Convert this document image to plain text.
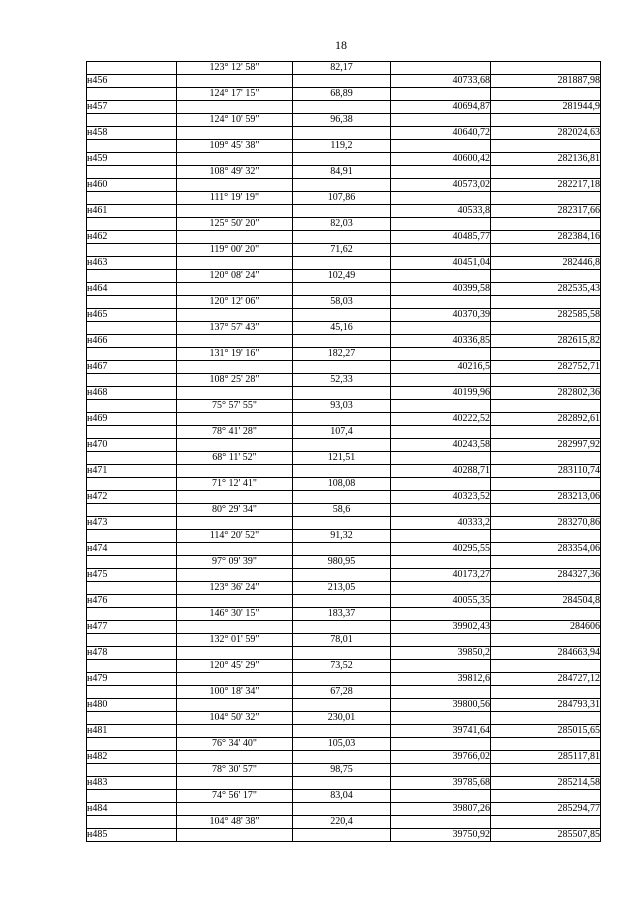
18
	123° 12' 58"	82,17		
н456			40733,68	281887,98
	124° 17' 15"	68,89		
н457			40694,87	281944,9
	124° 10' 59"	96,38		
н458			40640,72	282024,63
	109° 45' 38"	119,2		
н459			40600,42	282136,81
	108° 49' 32"	84,91		
н460			40573,02	282217,18
	111° 19' 19"	107,86		
н461			40533,8	282317,66
	125° 50' 20"	82,03		
н462			40485,77	282384,16
	119° 00' 20"	71,62		
н463			40451,04	282446,8
	120° 08' 24"	102,49		
н464			40399,58	282535,43
	120° 12' 06"	58,03		
н465			40370,39	282585,58
	137° 57' 43"	45,16		
н466			40336,85	282615,82
	131° 19' 16"	182,27		
н467			40216,5	282752,71
	108° 25' 28"	52,33		
н468			40199,96	282802,36
	75° 57' 55"	93,03		
н469			40222,52	282892,61
	78° 41' 28"	107,4		
н470			40243,58	282997,92
	68° 11' 52"	121,51		
н471			40288,71	283110,74
	71° 12' 41"	108,08		
н472			40323,52	283213,06
	80° 29' 34"	58,6		
н473			40333,2	283270,86
	114° 20' 52"	91,32		
н474			40295,55	283354,06
	97° 09' 39"	980,95		
н475			40173,27	284327,36
	123° 36' 24"	213,05		
н476			40055,35	284504,8
	146° 30' 15"	183,37		
н477			39902,43	284606
	132° 01' 59"	78,01		
н478			39850,2	284663,94
	120° 45' 29"	73,52		
н479			39812,6	284727,12
	100° 18' 34"	67,28		
н480			39800,56	284793,31
	104° 50' 32"	230,01		
н481			39741,64	285015,65
	76° 34' 40"	105,03		
н482			39766,02	285117,81
	78° 30' 57"	98,75		
н483			39785,68	285214,58
	74° 56' 17"	83,04		
н484			39807,26	285294,77
	104° 48' 38"	220,4		
н485			39750,92	285507,85
